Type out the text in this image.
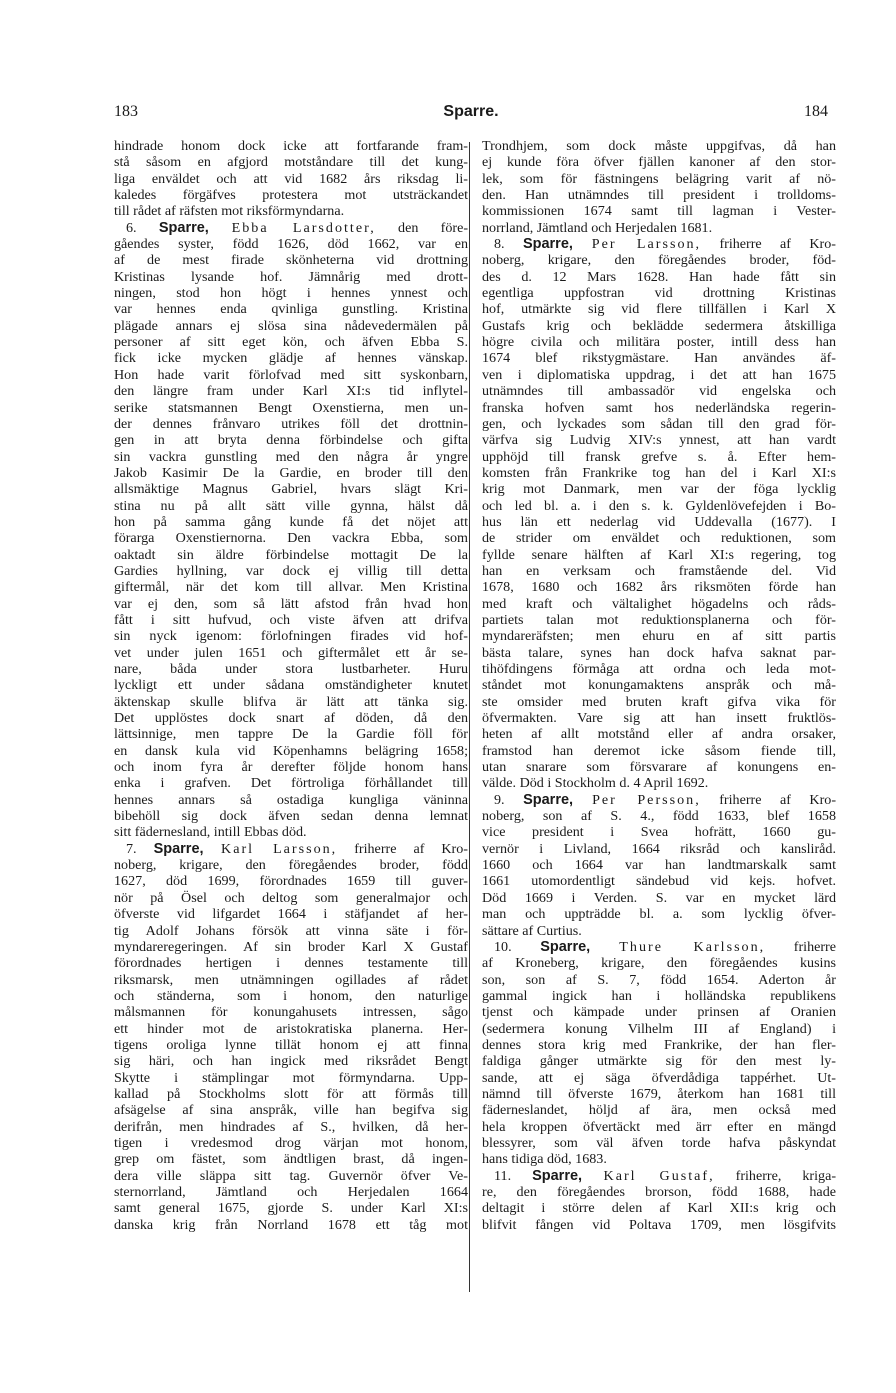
183	Sparre.	184
hindrade honom dock icke att fortfarande fram-
stå såsom en afgjord motståndare till det kung-
liga enväldet och att vid 1682 års riksdag li-
kaledes förgäfves protestera mot utsträckandet
till rådet af räfsten mot riksförmyndarna.
6. Sparre, Ebba Larsdotter, den före-
gåendes syster, född 1626, död 1662, var en
af de mest firade skönheterna vid drottning
Kristinas lysande hof. Jämnårig med drott-
ningen, stod hon högt i hennes ynnest och
var hennes enda qvinliga gunstling. Kristina
plägade annars ej slösa sina nådevedermälen på
personer af sitt eget kön, och äfven Ebba S.
fick icke mycken glädje af hennes vänskap.
Hon hade varit förlofvad med sitt syskonbarn,
den längre fram under Karl XI:s tid inflytel-
serike statsmannen Bengt Oxenstierna, men un-
der dennes frånvaro utrikes föll det drottnin-
gen in att bryta denna förbindelse och gifta
sin vackra gunstling med den några år yngre
Jakob Kasimir De la Gardie, en broder till den
allsmäktige Magnus Gabriel, hvars slägt Kri-
stina nu på allt sätt ville gynna, hälst då
hon på samma gång kunde få det nöjet att
förarga Oxenstiernorna. Den vackra Ebba, som
oaktadt sin äldre förbindelse mottagit De la
Gardies hyllning, var dock ej villig till detta
giftermål, när det kom till allvar. Men Kristina
var ej den, som så lätt afstod från hvad hon
fått i sitt hufvud, och viste äfven att drifva
sin nyck igenom: förlofningen firades vid hof-
vet under julen 1651 och giftermålet ett år se-
nare, båda under stora lustbarheter. Huru
lyckligt ett under sådana omständigheter knutet
äktenskap skulle blifva är lätt att tänka sig.
Det upplöstes dock snart af döden, då den
lättsinnige, men tappre De la Gardie föll för
en dansk kula vid Köpenhamns belägring 1658;
och inom fyra år derefter följde honom hans
enka i grafven. Det förtroliga förhållandet till
hennes annars så ostadiga kungliga väninna
bibehöll sig dock äfven sedan denna lemnat
sitt fädernesland, intill Ebbas död.
7. Sparre, Karl Larsson, friherre af Kro-
noberg, krigare, den föregåendes broder, född
1627, död 1699, förordnades 1659 till guver-
nör på Ösel och deltog som generalmajor och
öfverste vid lifgardet 1664 i stäfjandet af her-
tig Adolf Johans försök att vinna säte i för-
myndareregeringen. Af sin broder Karl X Gustaf
förordnades hertigen i dennes testamente till
riksmarsk, men utnämningen ogillades af rådet
och ständerna, som i honom, den naturlige
målsmannen för konungahusets intressen, sågo
ett hinder mot de aristokratiska planerna. Her-
tigens oroliga lynne tillät honom ej att finna
sig häri, och han ingick med riksrådet Bengt
Skytte i stämplingar mot förmyndarna. Upp-
kallad på Stockholms slott för att förmås till
afsägelse af sina anspråk, ville han begifva sig
derifrån, men hindrades af S., hvilken, då her-
tigen i vredesmod drog värjan mot honom,
grep om fästet, som ändtligen brast, då ingen-
dera ville släppa sitt tag. Guvernör öfver Ve-
sternorrland, Jämtland och Herjedalen 1664
samt general 1675, gjorde S. under Karl XI:s
danska krig från Norrland 1678 ett tåg mot
Trondhjem, som dock måste uppgifvas, då han
ej kunde föra öfver fjällen kanoner af den stor-
lek, som för fästningens belägring varit af nö-
den. Han utnämndes till president i trolldoms-
kommissionen 1674 samt till lagman i Vester-
norrland, Jämtland och Herjedalen 1681.
8. Sparre, Per Larsson, friherre af Kro-
noberg, krigare, den föregåendes broder, föd-
des d. 12 Mars 1628. Han hade fått sin
egentliga uppfostran vid drottning Kristinas
hof, utmärkte sig vid flere tillfällen i Karl X
Gustafs krig och beklädde sedermera åtskilliga
högre civila och militära poster, intill dess han
1674 blef rikstygmästare. Han användes äf-
ven i diplomatiska uppdrag, i det att han 1675
utnämndes till ambassadör vid engelska och
franska hofven samt hos nederländska regerin-
gen, och lyckades som sådan till den grad för-
värfva sig Ludvig XIV:s ynnest, att han vardt
upphöjd till fransk grefve s. å. Efter hem-
komsten från Frankrike tog han del i Karl XI:s
krig mot Danmark, men var der föga lycklig
och led bl. a. i den s. k. Gyldenlövefejden i Bo-
hus län ett nederlag vid Uddevalla (1677). I
de strider om enväldet och reduktionen, som
fyllde senare hälften af Karl XI:s regering, tog
han en verksam och framstående del. Vid
1678, 1680 och 1682 års riksmöten förde han
med kraft och vältalighet högadelns och råds-
partiets talan mot reduktionsplanerna och för-
myndareräfsten; men ehuru en af sitt partis
bästa talare, synes han dock hafva saknat par-
tihöfdingens förmåga att ordna och leda mot-
ståndet mot konungamaktens anspråk och må-
ste omsider med bruten kraft gifva vika för
öfvermakten. Vare sig att han insett fruktlös-
heten af allt motstånd eller af andra orsaker,
framstod han deremot icke såsom fiende till,
utan snarare som försvarare af konungens en-
välde. Död i Stockholm d. 4 April 1692.
9. Sparre, Per Persson, friherre af Kro-
noberg, son af S. 4., född 1633, blef 1658
vice president i Svea hofrätt, 1660 gu-
vernör i Livland, 1664 riksråd och kansliråd.
1660 och 1664 var han landtmarskalk samt
1661 utomordentligt sändebud vid kejs. hofvet.
Död 1669 i Verden. S. var en mycket lärd
man och uppträdde bl. a. som lycklig öfver-
sättare af Curtius.
10. Sparre, Thure Karlsson, friherre
af Kroneberg, krigare, den föregåendes kusins
son, son af S. 7, född 1654. Aderton år
gammal ingick han i holländska republikens
tjenst och kämpade under prinsen af Oranien
(sedermera konung Vilhelm III af England) i
dennes stora krig med Frankrike, der han fler-
faldiga gånger utmärkte sig för den mest ly-
sande, att ej säga öfverdådiga tappérhet. Ut-
nämnd till öfverste 1679, återkom han 1681 till
fäderneslandet, höljd af ära, men också med
hela kroppen öfvertäckt med ärr efter en mängd
blessyrer, som väl äfven torde hafva påskyndat
hans tidiga död, 1683.
11. Sparre, Karl Gustaf, friherre, kriga-
re, den föregåendes brorson, född 1688, hade
deltagit i större delen af Karl XII:s krig och
blifvit fången vid Poltava 1709, men lösgifvits
